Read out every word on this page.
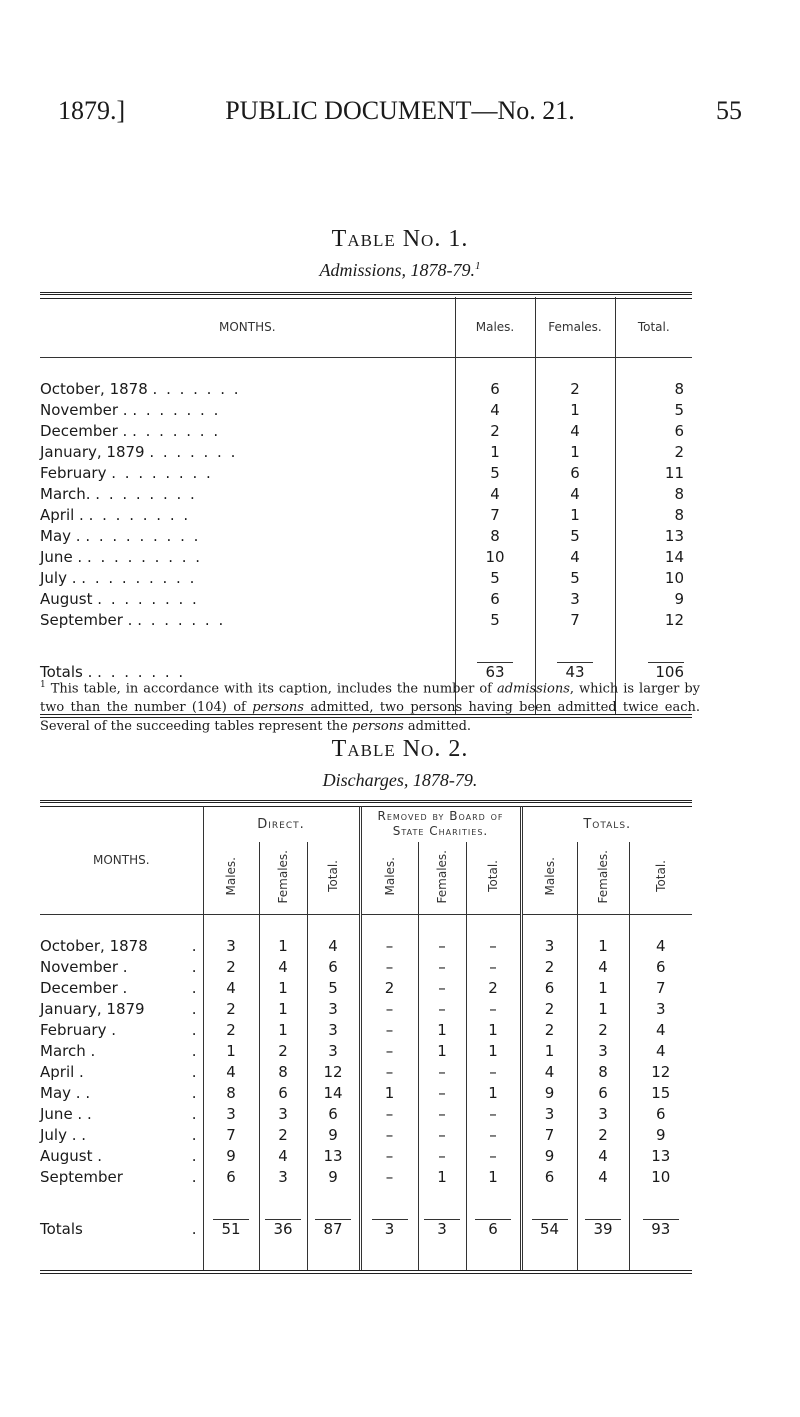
1879.]	PUBLIC DOCUMENT—No. 21.	55
Table No. 1.
Admissions, 1878-79.$^1$
MONTHS.	Males.	Females.	Total.

October, 1878 . . . . . . .	6	2	8
November . . . . . . . .	4	1	5
December . . . . . . . .	2	4	6
January, 1879 . . . . . . .	1	1	2
February . . . . . . . .	5	6	11
March. . . . . . . . .	4	4	8
April . . . . . . . . .	7	1	8
May . . . . . . . . . .	8	5	13
June . . . . . . . . . .	10	4	14
July . . . . . . . . . .	5	5	10
August . . . . . . . .	6	3	9
September . . . . . . . .	5	7	12

Totals . . . . . . . .	63	43	106

$^1$ This table, in accordance with its caption, includes the number of admissions, which is larger by two than the number (104) of persons admitted, two persons having been admitted twice each. Several of the succeeding tables represent the persons admitted.
Table No. 2.
Discharges, 1878-79.
MONTHS.	Direct.			Removed by Board of State Charities.			Totals.		
	Males.	Females.	Total.	Males.	Females.	Total.	Males.	Females.	Total.

October, 1878 .	3	1	4	–	–	–	3	1	4
November . .	2	4	6	–	–	–	2	4	6
December . .	4	1	5	2	–	2	6	1	7
January, 1879 .	2	1	3	–	–	–	2	1	3
February . .	2	1	3	–	1	1	2	2	4
March . .	1	2	3	–	1	1	1	3	4
April . .	4	8	12	–	–	–	4	8	12
May . . .	8	6	14	1	–	1	9	6	15
June . . .	3	3	6	–	–	–	3	3	6
July . . .	7	2	9	–	–	–	7	2	9
August . .	9	4	13	–	–	–	9	4	13
September .	6	3	9	–	1	1	6	4	10

Totals .	51	36	87	3	3	6	54	39	93
